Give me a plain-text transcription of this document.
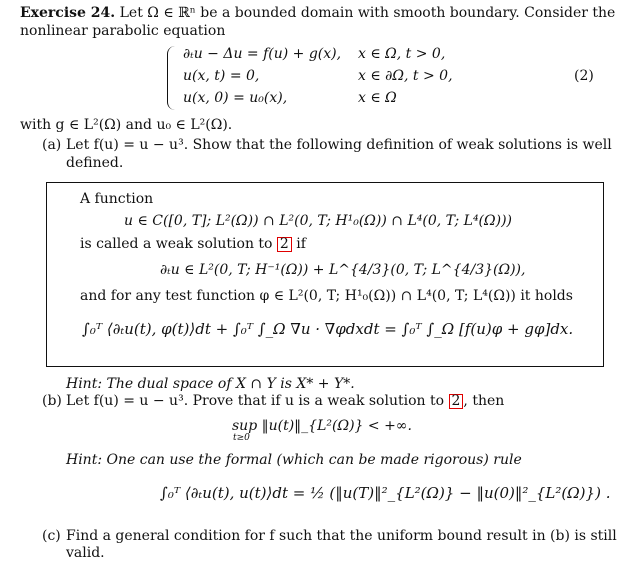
Exercise 24. Let Ω ∈ ℝⁿ be a bounded domain with smooth boundary. Consider the
nonlinear parabolic equation
∂ₜu − Δu = f(u) + g(x), x ∈ Ω, t > 0,
u(x, t) = 0,	x ∈ ∂Ω, t > 0,
u(x, 0) = u₀(x),	x ∈ Ω
(2)
with g ∈ L²(Ω) and u₀ ∈ L²(Ω).
(a) Let f(u) = u − u³. Show that the following definition of weak solutions is well
defined.
A function
u ∈ C([0, T]; L²(Ω)) ∩ L²(0, T; H¹₀(Ω)) ∩ L⁴(0, T; L⁴(Ω)))
is called a weak solution to 2 if
∂ₜu ∈ L²(0, T; H⁻¹(Ω)) + L^{4/3}(0, T; L^{4/3}(Ω)),
and for any test function φ ∈ L²(0, T; H¹₀(Ω)) ∩ L⁴(0, T; L⁴(Ω)) it holds
∫₀ᵀ ⟨∂ₜu(t), φ(t)⟩dt + ∫₀ᵀ ∫_Ω ∇u · ∇φdxdt = ∫₀ᵀ ∫_Ω [f(u)φ + gφ]dx.
Hint: The dual space of X ∩ Y is X* + Y*.
(b) Let f(u) = u − u³. Prove that if u is a weak solution to 2 , then
sup ‖u(t)‖_{L²(Ω)} < +∞.
t≥0
Hint: One can use the formal (which can be made rigorous) rule
∫₀ᵀ ⟨∂ₜu(t), u(t)⟩dt = ½ (‖u(T)‖²_{L²(Ω)} − ‖u(0)‖²_{L²(Ω)}) .
(c) Find a general condition for f such that the uniform bound result in (b) is still
valid.
